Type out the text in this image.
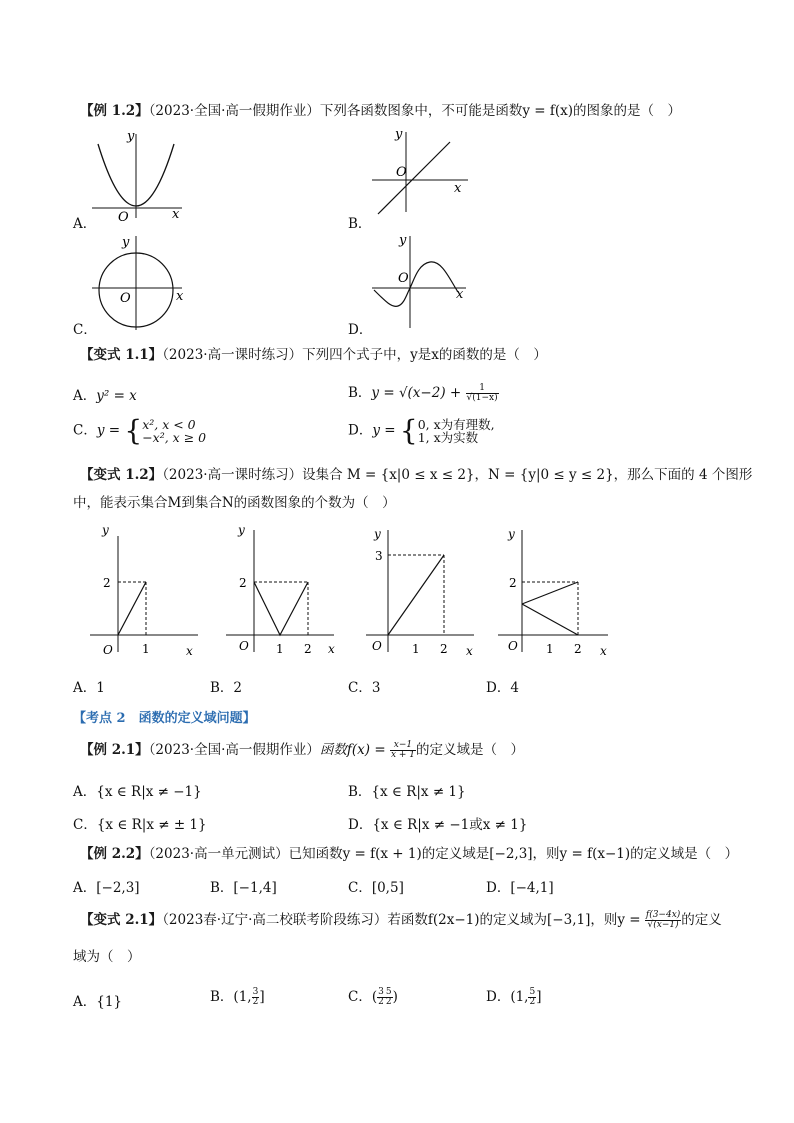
【例 1.2】（2023·全国·高一假期作业）下列各函数图象中，不可能是函数y = f(x)的图象的是（　）
y
O	x
A．
y
O
x
B．
y
O	x
C．
y
O
x
D．
【变式 1.1】（2023·高一课时练习）下列四个式子中，y是x的函数的是（　）
A．y² = x	B．$y = √(x-2) + \frac{1}{√(1-x)}$
C．y = { x², x < 0
−x², x ≥ 0	D．y = { 0, x为有理数,
1, x为实数
【变式 1.2】（2023·高一课时练习）设集合 M = {x|0 ≤ x ≤ 2}，N = {y|0 ≤ y ≤ 2}，那么下面的 4 个图形
中，能表示集合M到集合N的函数图象的个数为（　）
y
2
O 1	x
y
2
O 1 2 x
y
3
O	1 2 x
y
2
O 1 2 x
A．1	B．2	C．3	D．4
【考点 2　函数的定义域问题】
【例 2.1】（2023·全国·高一假期作业）函数$f(x) = \frac{x-1}{x + 1}$ 的定义域是（　）
A．{x ∈ R|x ≠ −1}	B．{x ∈ R|x ≠ 1}
C．{x ∈ R|x ≠ ± 1}	D．{x ∈ R|x ≠ −1或x ≠ 1}
【例 2.2】（2023·高一单元测试）已知函数y = f(x + 1)的定义域是[−2,3]，则y = f(x−1)的定义域是（　）
A．[−2,3]	B．[−1,4]	C．[0,5]	D．[−4,1]
【变式 2.1】（2023春·辽宁·高二校联考阶段练习）若函数f(2x−1)的定义域为[−3,1]，则$y = \frac{f(3-4x)}{√(x-1)}$ 的定义
域为（　）
A．{1}	B．(1, $\frac{3}{2}$ ]	C．( $\frac{3}{2} \frac{5}{2}$ )	D．(1, $\frac{5}{2}$ ]
